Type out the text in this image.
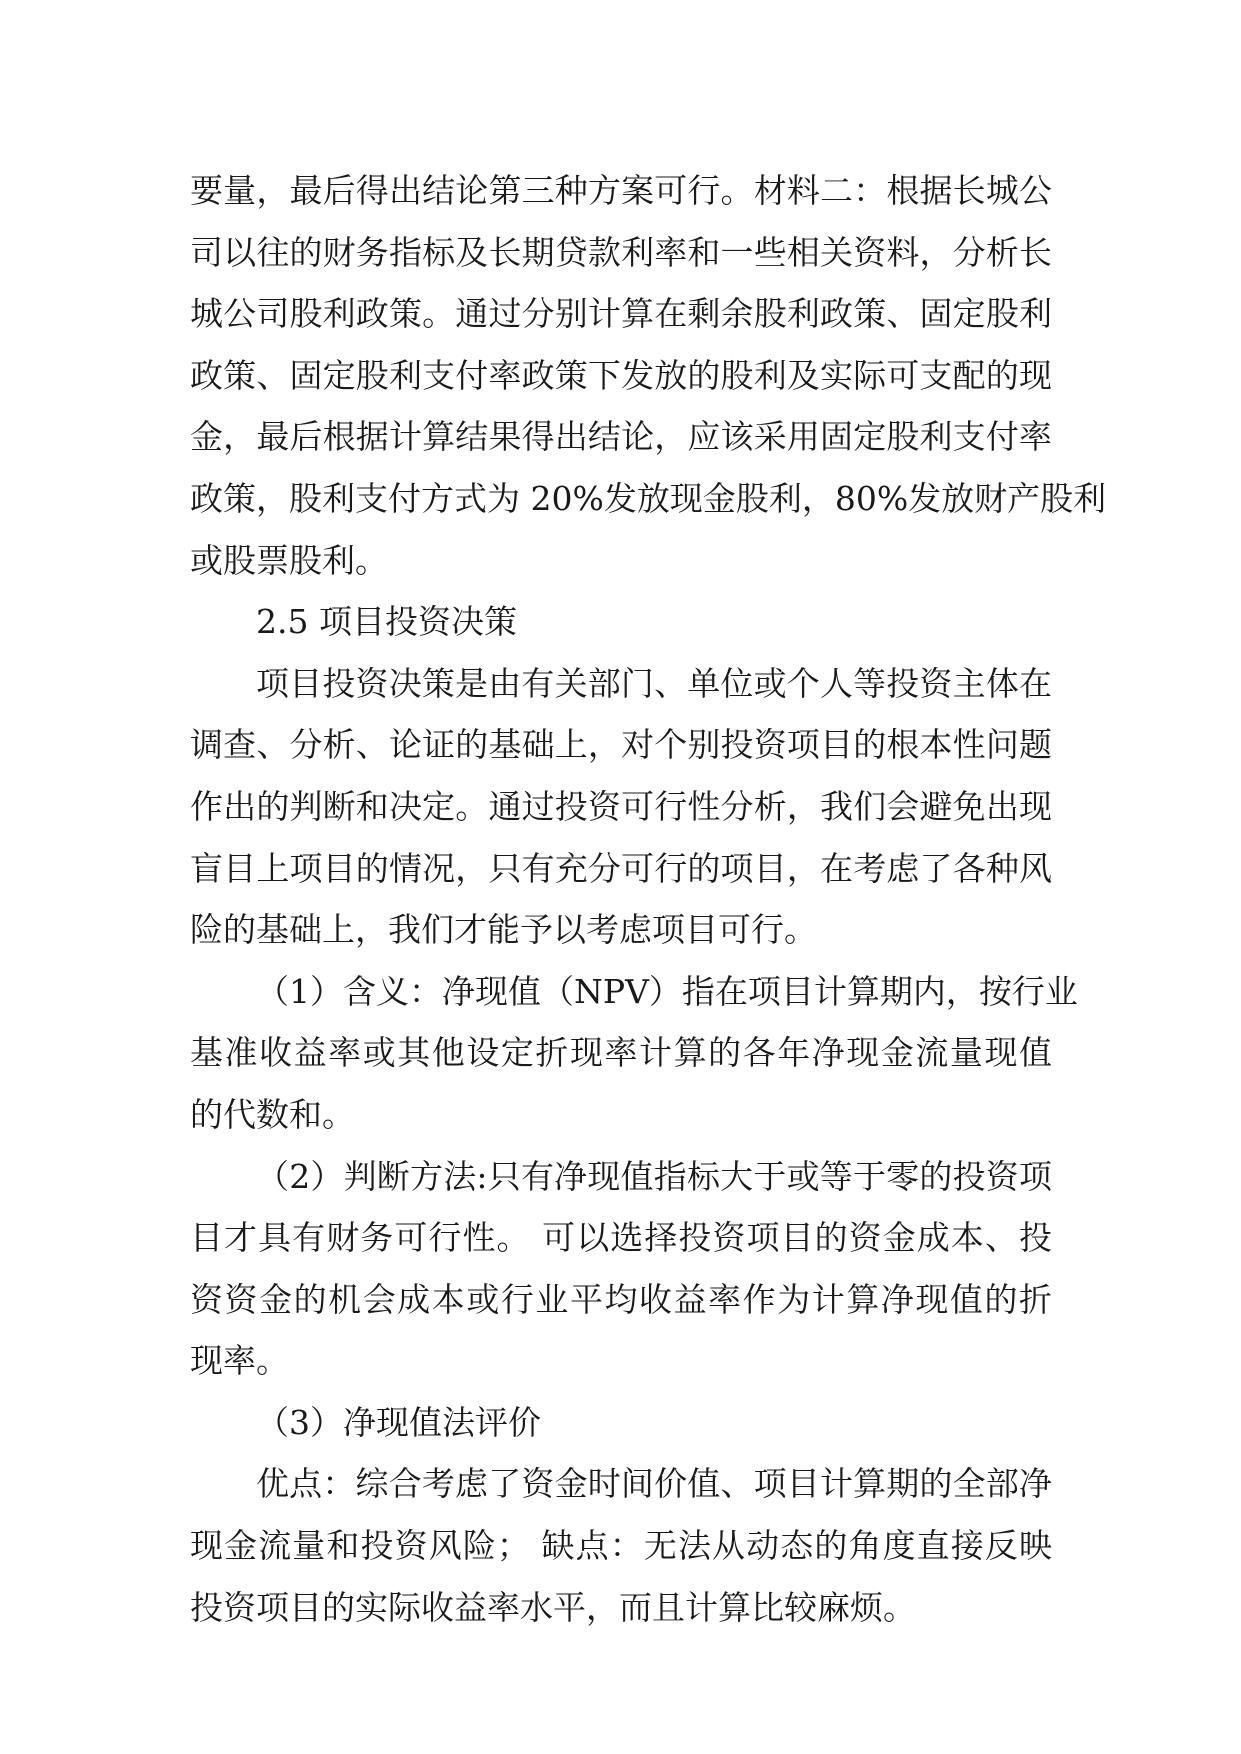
要量，最后得出结论第三种方案可行。材料二：根据长城公
司以往的财务指标及长期贷款利率和一些相关资料，分析长
城公司股利政策。通过分别计算在剩余股利政策、固定股利
政策、固定股利支付率政策下发放的股利及实际可支配的现
金，最后根据计算结果得出结论，应该采用固定股利支付率
政策，股利支付方式为 20%发放现金股利，80%发放财产股利
或股票股利。
2.5 项目投资决策
项目投资决策是由有关部门、单位或个人等投资主体在
调查、分析、论证的基础上，对个别投资项目的根本性问题
作出的判断和决定。通过投资可行性分析，我们会避免出现
盲目上项目的情况，只有充分可行的项目，在考虑了各种风
险的基础上，我们才能予以考虑项目可行。
（1）含义：净现值（NPV）指在项目计算期内，按行业
基准收益率或其他设定折现率计算的各年净现金流量现值
的代数和。
（2）判断方法:只有净现值指标大于或等于零的投资项
目才具有财务可行性。 可以选择投资项目的资金成本、投
资资金的机会成本或行业平均收益率作为计算净现值的折
现率。
（3）净现值法评价
优点：综合考虑了资金时间价值、项目计算期的全部净
现金流量和投资风险； 缺点：无法从动态的角度直接反映
投资项目的实际收益率水平，而且计算比较麻烦。
